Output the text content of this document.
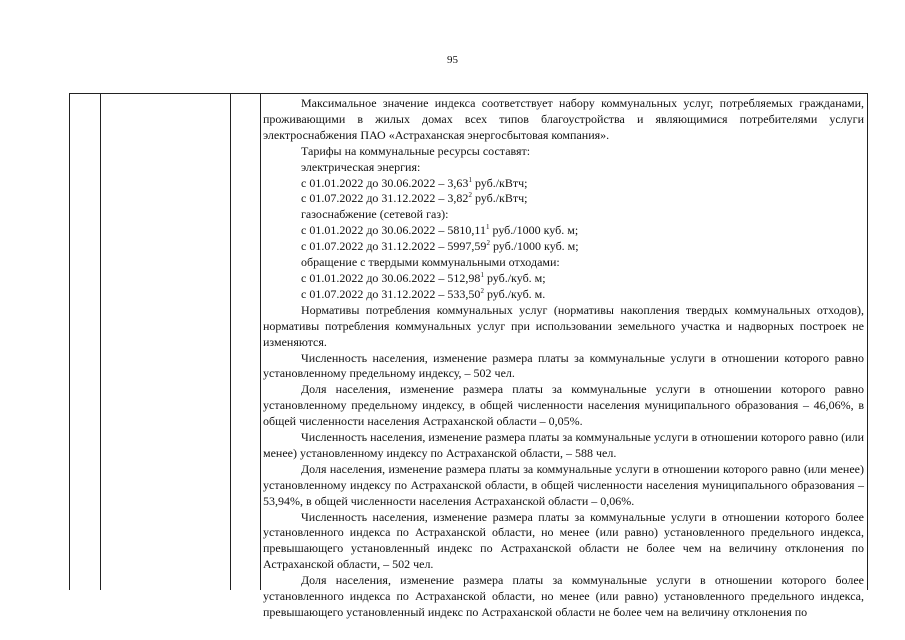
95

Максимальное значение индекса соответствует набору коммунальных услуг, потребляемых гражданами, проживающими в жилых домах всех типов благоустройства и являющимися потребителями услуги электроснабжения ПАО «Астраханская энергосбытовая компания».

Тарифы на коммунальные ресурсы составят:

электрическая энергия:

с 01.01.2022 до 30.06.2022 – 3,63$^1$ руб./кВтч;

с 01.07.2022 до 31.12.2022 – 3,82$^2$ руб./кВтч;

газоснабжение (сетевой газ):

с 01.01.2022 до 30.06.2022 – 5810,11$^1$ руб./1000 куб. м;

с 01.07.2022 до 31.12.2022 – 5997,59$^2$ руб./1000 куб. м;

обращение с твердыми коммунальными отходами:

с 01.01.2022 до 30.06.2022 – 512,98$^1$ руб./куб. м;

с 01.07.2022 до 31.12.2022 – 533,50$^2$ руб./куб. м.

Нормативы потребления коммунальных услуг (нормативы накопления твердых коммунальных отходов), нормативы потребления коммунальных услуг при использовании земельного участка и надворных построек не изменяются.

Численность населения, изменение размера платы за коммунальные услуги в отношении которого равно установленному предельному индексу, – 502 чел.

Доля населения, изменение размера платы за коммунальные услуги в отношении которого равно установленному предельному индексу, в общей численности населения муниципального образования – 46,06%, в общей численности населения Астраханской области – 0,05%.

Численность населения, изменение размера платы за коммунальные услуги в отношении которого равно (или менее) установленному индексу по Астраханской области, – 588 чел.

Доля населения, изменение размера платы за коммунальные услуги в отношении которого равно (или менее) установленному индексу по Астраханской области, в общей численности населения муниципального образования – 53,94%, в общей численности населения Астраханской области – 0,06%.

Численность населения, изменение размера платы за коммунальные услуги в отношении которого более установленного индекса по Астраханской области, но менее (или равно) установленного предельного индекса, превышающего установленный индекс по Астраханской области не более чем на величину отклонения по Астраханской области, – 502 чел.

Доля населения, изменение размера платы за коммунальные услуги в отношении которого более установленного индекса по Астраханской области, но менее (или равно) установленного предельного индекса, превышающего установленный индекс по Астраханской области не более чем на величину отклонения по
